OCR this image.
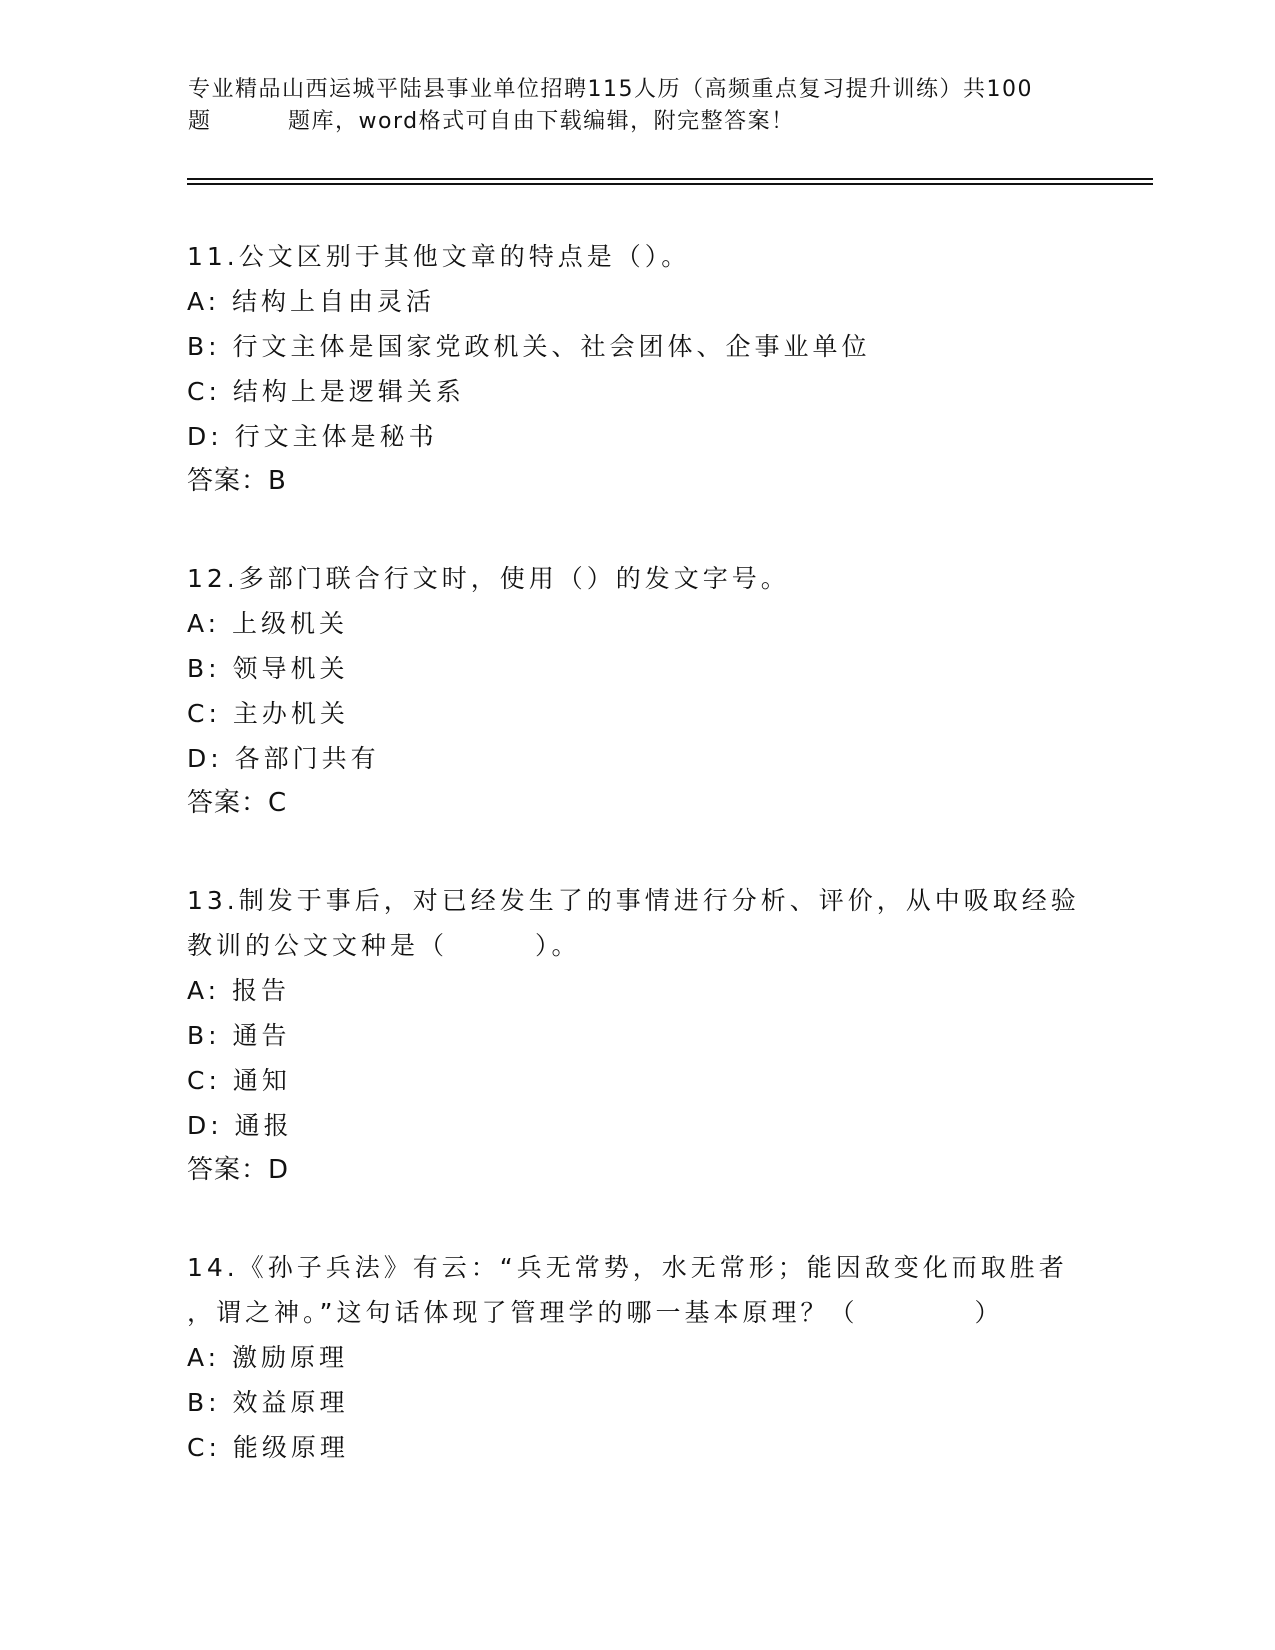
专业精品山西运城平陆县事业单位招聘115人历（高频重点复习提升训练）共100
题	题库，word格式可自由下载编辑，附完整答案！
11.公文区别于其他文章的特点是（）。
A: 结构上自由灵活
B: 行文主体是国家党政机关、社会团体、企事业单位
C: 结构上是逻辑关系
D: 行文主体是秘书
答案：B
12.多部门联合行文时，使用（）的发文字号。
A: 上级机关
B: 领导机关
C: 主办机关
D: 各部门共有
答案：C
13.制发于事后，对已经发生了的事情进行分析、评价，从中吸取经验
教训的公文文种是（　　　）。
A: 报告
B: 通告
C: 通知
D: 通报
答案：D
14.《孙子兵法》有云：“兵无常势，水无常形；能因敌变化而取胜者
，谓之神。”这句话体现了管理学的哪一基本原理？（　　　　）
A: 激励原理
B: 效益原理
C: 能级原理
